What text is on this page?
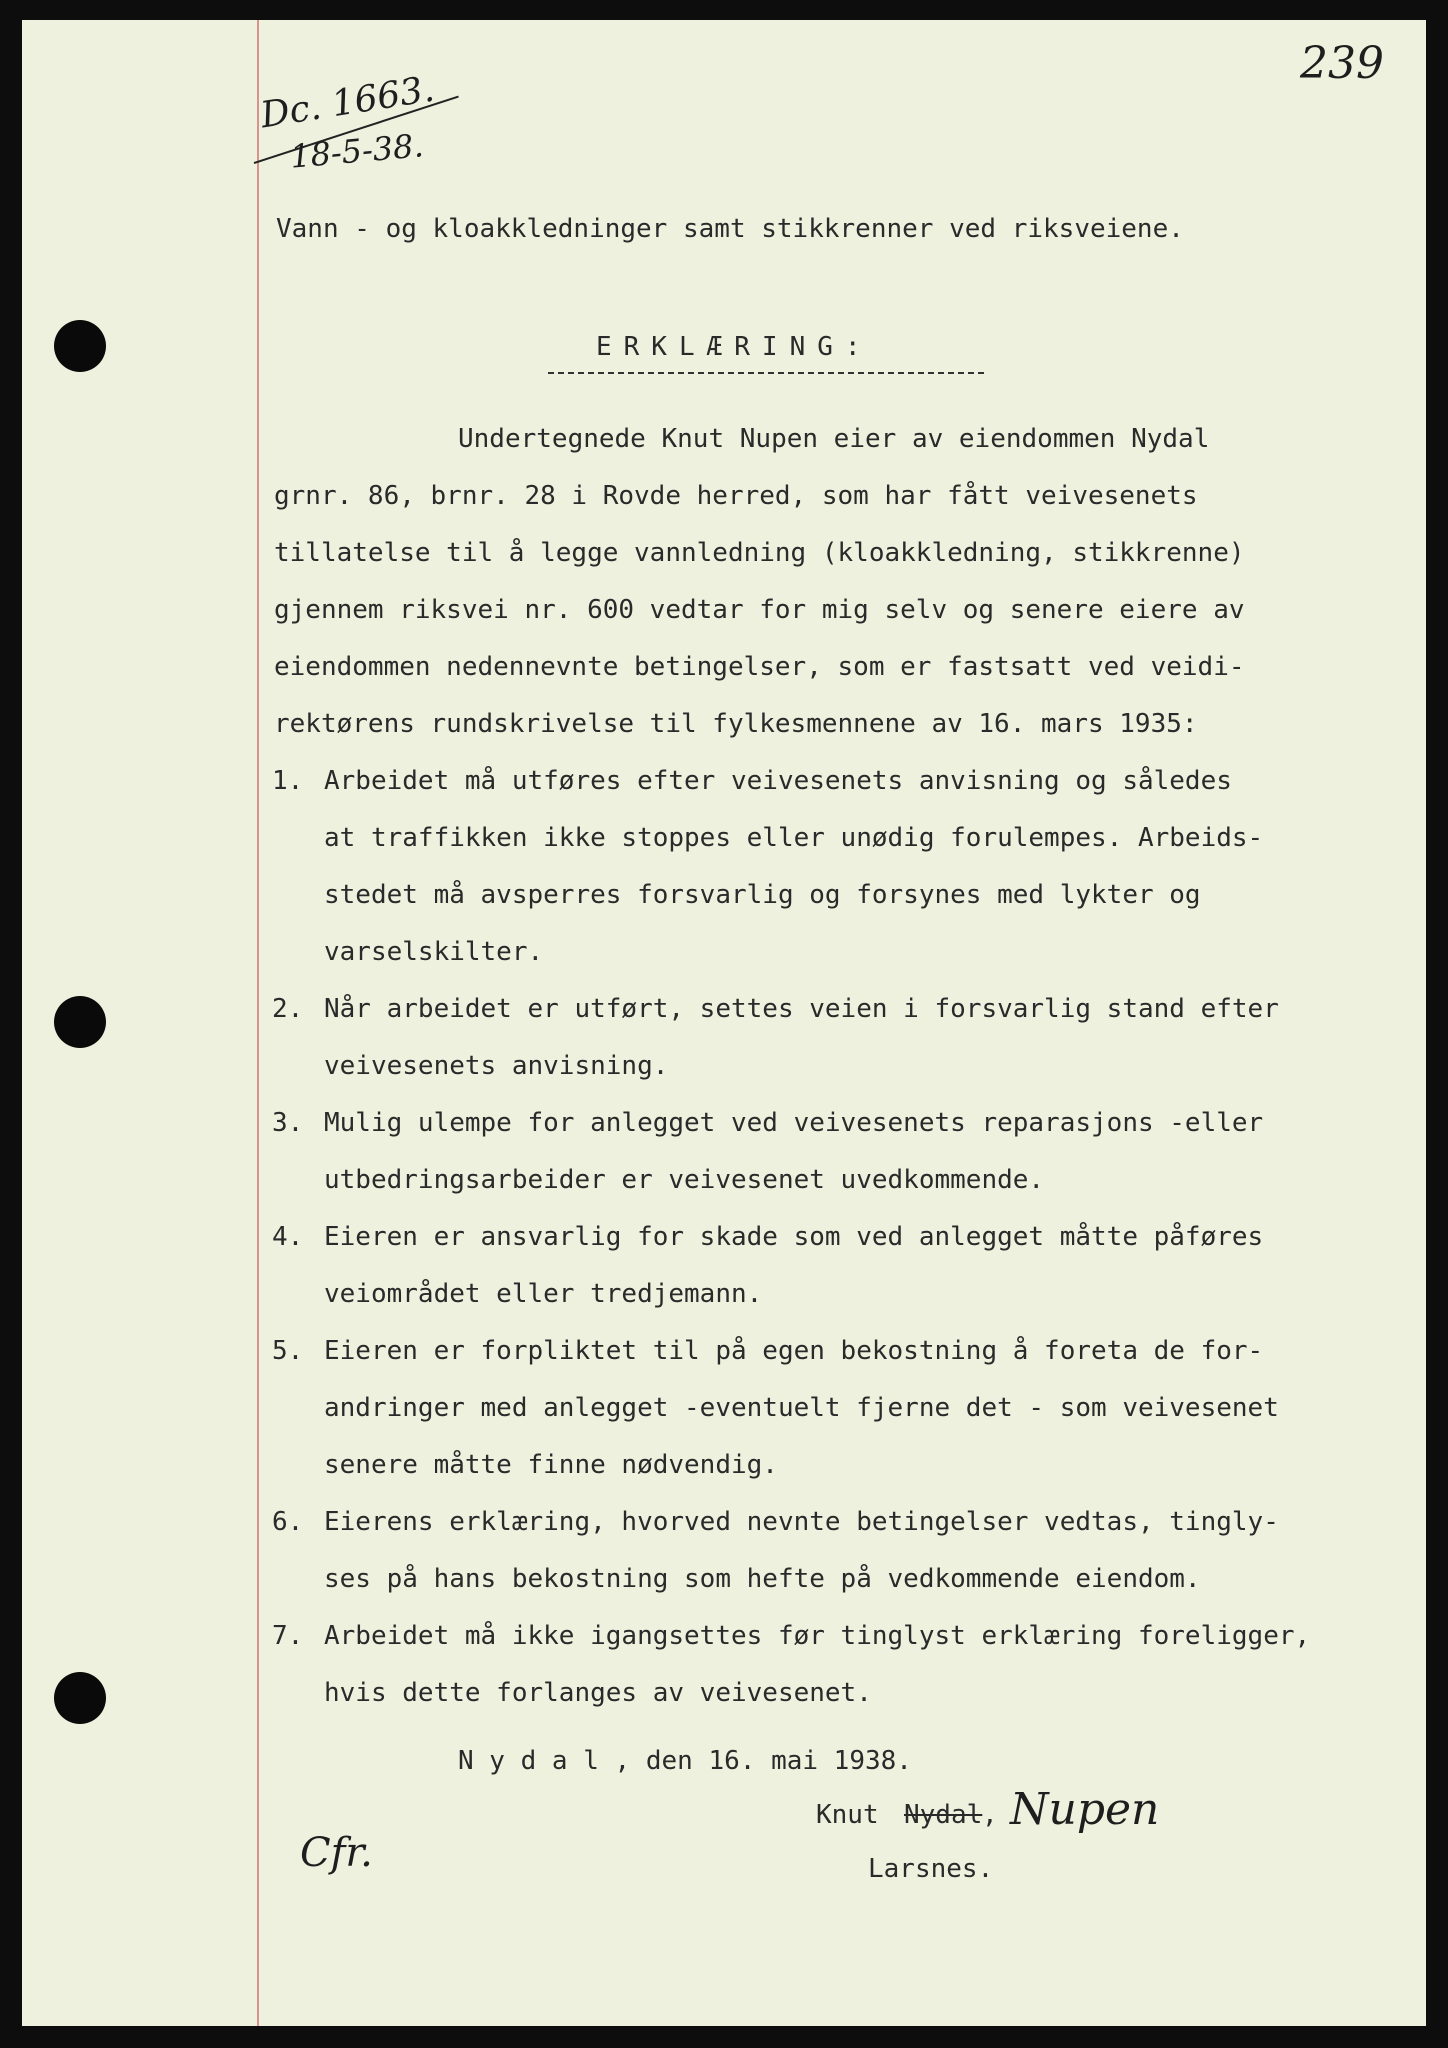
239
Dc. 1663.
18-5-38.
Vann - og kloakkledninger samt stikkrenner ved riksveiene.
ERKLÆRING:
Undertegnede Knut Nupen eier av eiendommen Nydal
grnr. 86, brnr. 28 i Rovde herred, som har fått veivesenets
tillatelse til å legge vannledning (kloakkledning, stikkrenne)
gjennem riksvei nr. 600 vedtar for mig selv og senere eiere av
eiendommen nedennevnte betingelser, som er fastsatt ved veidi-
rektørens rundskrivelse til fylkesmennene av 16. mars 1935:
1. Arbeidet må utføres efter veivesenets anvisning og således
at traffikken ikke stoppes eller unødig forulempes. Arbeids-
stedet må avsperres forsvarlig og forsynes med lykter og
varselskilter.
2. Når arbeidet er utført, settes veien i forsvarlig stand efter
veivesenets anvisning.
3. Mulig ulempe for anlegget ved veivesenets reparasjons -eller
utbedringsarbeider er veivesenet uvedkommende.
4. Eieren er ansvarlig for skade som ved anlegget måtte påføres
veiområdet eller tredjemann.
5. Eieren er forpliktet til på egen bekostning å foreta de for-
andringer med anlegget -eventuelt fjerne det - som veivesenet
senere måtte finne nødvendig.
6. Eierens erklæring, hvorved nevnte betingelser vedtas, tingly-
ses på hans bekostning som hefte på vedkommende eiendom.
7. Arbeidet må ikke igangsettes før tinglyst erklæring foreligger,
hvis dette forlanges av veivesenet.
N y d a l , den 16. mai 1938.
Knut Nydal , Nupen
Larsnes.
Cfr.
